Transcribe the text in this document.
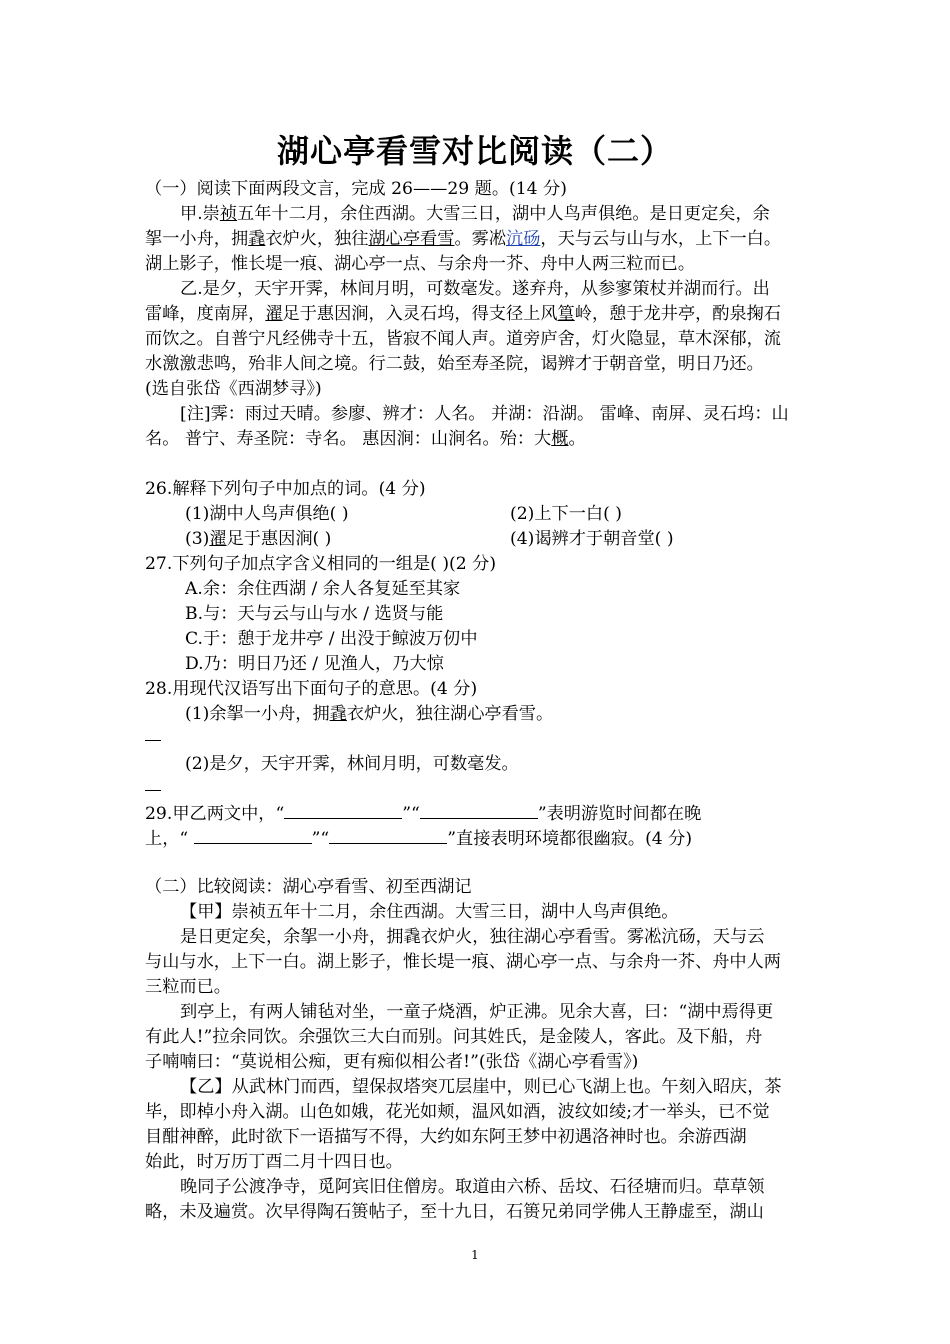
湖心亭看雪对比阅读（二）
（一）阅读下面两段文言，完成 26——29 题。(14 分)
甲.崇祯五年十二月，余住西湖。大雪三日，湖中人鸟声俱绝。是日更定矣，余
挐一小舟，拥毳衣炉火，独往湖心亭看雪。雾凇沆砀，天与云与山与水，上下一白。
湖上影子，惟长堤一痕、湖心亭一点、与余舟一芥、舟中人两三粒而已。
乙.是夕，天宇开霁，林间月明，可数毫发。遂弃舟，从参寥策杖并湖而行。出
雷峰，度南屏，濯足于惠因涧，入灵石坞，得支径上风篁岭，憩于龙井亭，酌泉掬石
而饮之。自普宁凡经佛寺十五，皆寂不闻人声。道旁庐舍，灯火隐显，草木深郁，流
水激激悲鸣，殆非人间之境。行二鼓，始至寿圣院，谒辨才于朝音堂，明日乃还。
(选自张岱《西湖梦寻》)
[注]霁：雨过天晴。参廖、辨才：人名。 并湖：沿湖。 雷峰、南屏、灵石坞：山
名。 普宁、寿圣院：寺名。 惠因涧：山涧名。殆：大概。
26.解释下列句子中加点的词。(4 分)
(1)湖中人鸟声俱绝( )	(2)上下一白( )
(3)濯足于惠因涧( )	(4)谒辨才于朝音堂( )
27.下列句子加点字含义相同的一组是( )(2 分)
A.余：余住西湖 / 余人各复延至其家
B.与：天与云与山与水 / 选贤与能
C.于：憩于龙井亭 / 出没于鲸波万仞中
D.乃：明日乃还 / 见渔人，乃大惊
28.用现代汉语写出下面句子的意思。(4 分)
(1)余挐一小舟，拥毳衣炉火，独往湖心亭看雪。
(2)是夕，天宇开霁，林间月明，可数毫发。
29.甲乙两文中，“	”“	”表明游览时间都在晚
上，“	”“	”直接表明环境都很幽寂。(4 分)
（二）比较阅读：湖心亭看雪、初至西湖记
【甲】崇祯五年十二月，余住西湖。大雪三日，湖中人鸟声俱绝。
是日更定矣，余挐一小舟，拥毳衣炉火，独往湖心亭看雪。雾凇沆砀，天与云
与山与水，上下一白。湖上影子，惟长堤一痕、湖心亭一点、与余舟一芥、舟中人两
三粒而已。
到亭上，有两人铺毡对坐，一童子烧酒，炉正沸。见余大喜，曰：“湖中焉得更
有此人!”拉余同饮。余强饮三大白而别。问其姓氏，是金陵人，客此。及下船，舟
子喃喃曰：“莫说相公痴，更有痴似相公者!”(张岱《湖心亭看雪》)
【乙】从武林门而西，望保叔塔突兀层崖中，则已心飞湖上也。午刻入昭庆，茶
毕，即棹小舟入湖。山色如娥，花光如颊，温风如酒，波纹如绫;才一举头，已不觉
目酣神醉，此时欲下一语描写不得，大约如东阿王梦中初遇洛神时也。余游西湖
始此，时万历丁酉二月十四日也。
晚同子公渡净寺，觅阿宾旧住僧房。取道由六桥、岳坟、石径塘而归。草草领
略，未及遍赏。次早得陶石篑帖子，至十九日，石篑兄弟同学佛人王静虚至，湖山
1
